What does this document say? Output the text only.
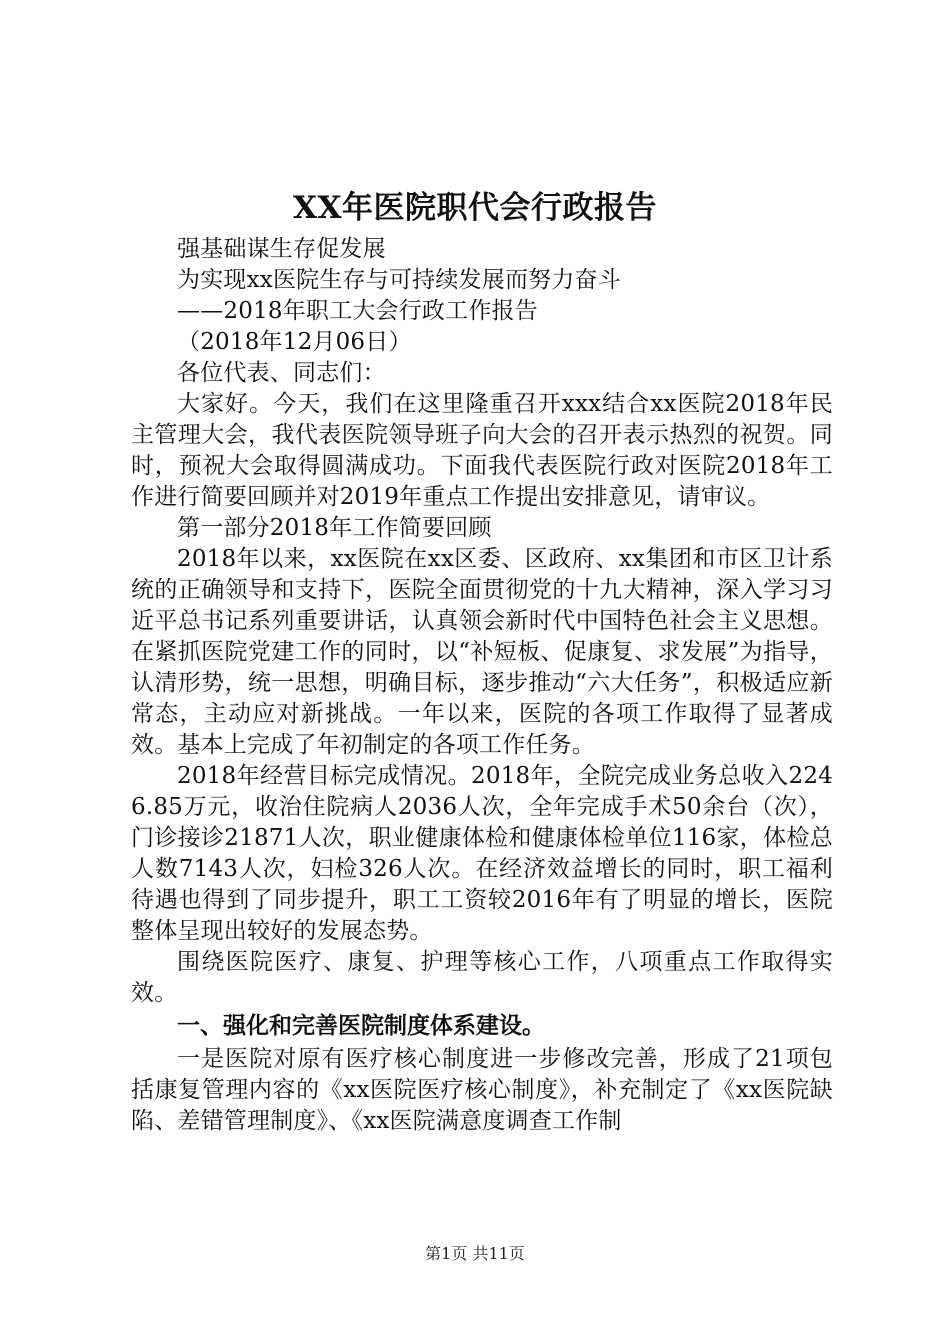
XX年医院职代会行政报告

强基础谋生存促发展

为实现xx医院生存与可持续发展而努力奋斗

——2018年职工大会行政工作报告

（2018年12月06日）

各位代表、同志们：

大家好。今天，我们在这里隆重召开xxx结合xx医院2018年民主管理大会，我代表医院领导班子向大会的召开表示热烈的祝贺。同时，预祝大会取得圆满成功。下面我代表医院行政对医院2018年工作进行简要回顾并对2019年重点工作提出安排意见，请审议。

第一部分2018年工作简要回顾

2018年以来，xx医院在xx区委、区政府、xx集团和市区卫计系统的正确领导和支持下，医院全面贯彻党的十九大精神，深入学习习近平总书记系列重要讲话，认真领会新时代中国特色社会主义思想。在紧抓医院党建工作的同时，以“补短板、促康复、求发展”为指导，认清形势，统一思想，明确目标，逐步推动“六大任务”，积极适应新常态，主动应对新挑战。一年以来，医院的各项工作取得了显著成效。基本上完成了年初制定的各项工作任务。

2018年经营目标完成情况。2018年，全院完成业务总收入2246.85万元，收治住院病人2036人次，全年完成手术50余台（次），门诊接诊21871人次，职业健康体检和健康体检单位116家，体检总人数7143人次，妇检326人次。在经济效益增长的同时，职工福利待遇也得到了同步提升，职工工资较2016年有了明显的增长，医院整体呈现出较好的发展态势。

围绕医院医疗、康复、护理等核心工作，八项重点工作取得实效。

一、强化和完善医院制度体系建设。

一是医院对原有医疗核心制度进一步修改完善，形成了21项包括康复管理内容的《xx医院医疗核心制度》，补充制定了《xx医院缺陷、差错管理制度》、《xx医院满意度调查工作制

第1页 共11页
